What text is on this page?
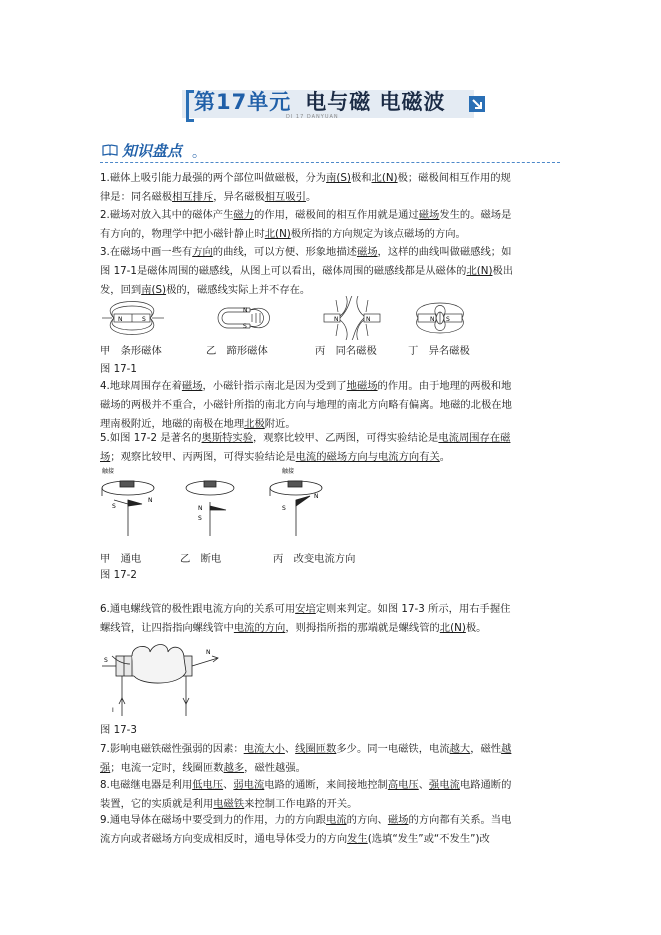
第17单元 电与磁 电磁波
DI 17 DANYUAN
知识盘点 。
1.磁体上吸引能力最强的两个部位叫做磁极，分为南(S)极和北(N)极；磁极间相互作用的规
律是：同名磁极相互排斥，异名磁极相互吸引。
2.磁场对放入其中的磁体产生磁力的作用，磁极间的相互作用就是通过磁场发生的。磁场是
有方向的，物理学中把小磁针静止时北(N)极所指的方向规定为该点磁场的方向。
3.在磁场中画一些有方向的曲线，可以方便、形象地描述磁场，这样的曲线叫做磁感线；如
图 17-1是磁体周围的磁感线，从图上可以看出，磁体周围的磁感线都是从磁体的北(N)极出
发，回到南(S)极的，磁感线实际上并不存在。
N	S
N
S
N	N	N S
甲　条形磁体	乙　蹄形磁体	丙　同名磁极	丁　异名磁极
图 17-1
4.地球周围存在着磁场，小磁针指示南北是因为受到了地磁场的作用。由于地理的两极和地
磁场的两极并不重合，小磁针所指的南北方向与地理的南北方向略有偏离。地磁的北极在地
理南极附近，地磁的南极在地理北极附近。
5.如图 17-2 是著名的奥斯特实验，观察比较甲、乙两图，可得实验结论是电流周围存在磁
场；观察比较甲、丙两图，可得实验结论是电流的磁场方向与电流方向有关。
触接
N
S	N
S
触接
N
S
甲　通电	乙　断电	丙　改变电流方向
图 17-2
6.通电螺线管的极性跟电流方向的关系可用安培定则来判定。如图 17-3 所示，用右手握住
螺线管，让四指指向螺线管中电流的方向，则拇指所指的那端就是螺线管的北(N)极。
S
N
I
图 17-3
7.影响电磁铁磁性强弱的因素：电流大小、线圈匝数多少。同一电磁铁，电流越大，磁性越
强；电流一定时，线圈匝数越多，磁性越强。
8.电磁继电器是利用低电压、弱电流电路的通断，来间接地控制高电压、强电流电路通断的
装置，它的实质就是利用电磁铁来控制工作电路的开关。
9.通电导体在磁场中要受到力的作用，力的方向跟电流的方向、磁场的方向都有关系。当电
流方向或者磁场方向变成相反时，通电导体受力的方向发生(选填“发生”或“不发生”)改
